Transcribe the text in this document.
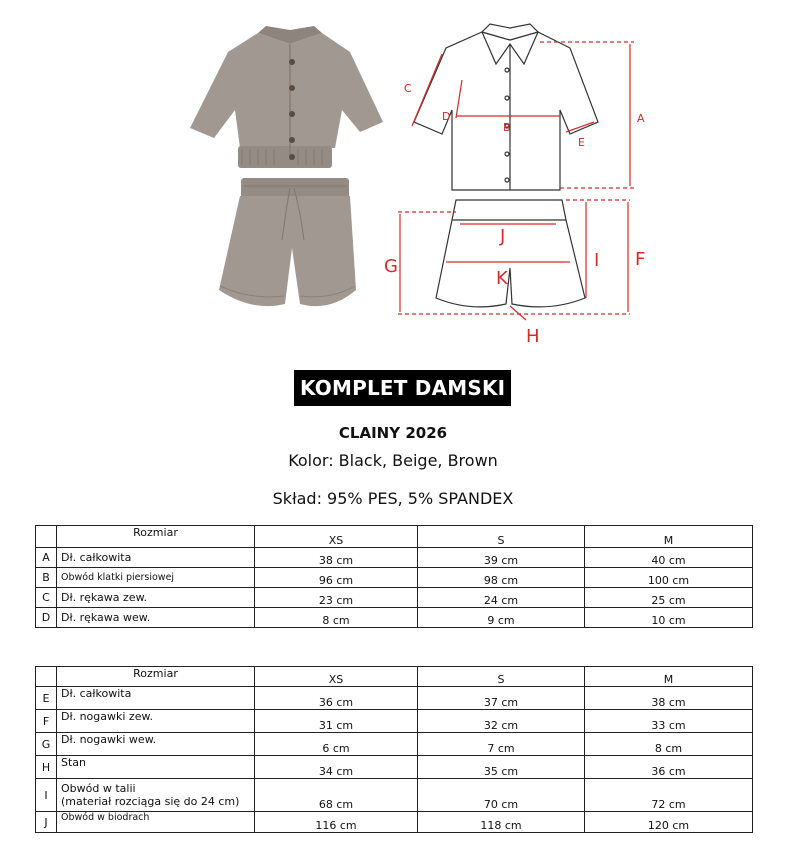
A
B
C
D
E
F
G
H
I
J
K
KOMPLET DAMSKI
CLAINY 2026
Kolor: Black, Beige, Brown
Skład: 95% PES, 5% SPANDEX
	Rozmiar	XS	S	M
A	Dł. całkowita	38 cm	39 cm	40 cm
B	Obwód klatki piersiowej	96 cm	98 cm	100 cm
C	Dł. rękawa zew.	23 cm	24 cm	25 cm
D	Dł. rękawa wew.	8 cm	9 cm	10 cm
	Rozmiar	XS	S	M
E	Dł. całkowita	36 cm	37 cm	38 cm
F	Dł. nogawki zew.	31 cm	32 cm	33 cm
G	Dł. nogawki wew.	6 cm	7 cm	8 cm
H	Stan	34 cm	35 cm	36 cm
I	Obwód w talii
(materiał rozciąga się do 24 cm)	68 cm	70 cm	72 cm
J	Obwód w biodrach	116 cm	118 cm	120 cm
